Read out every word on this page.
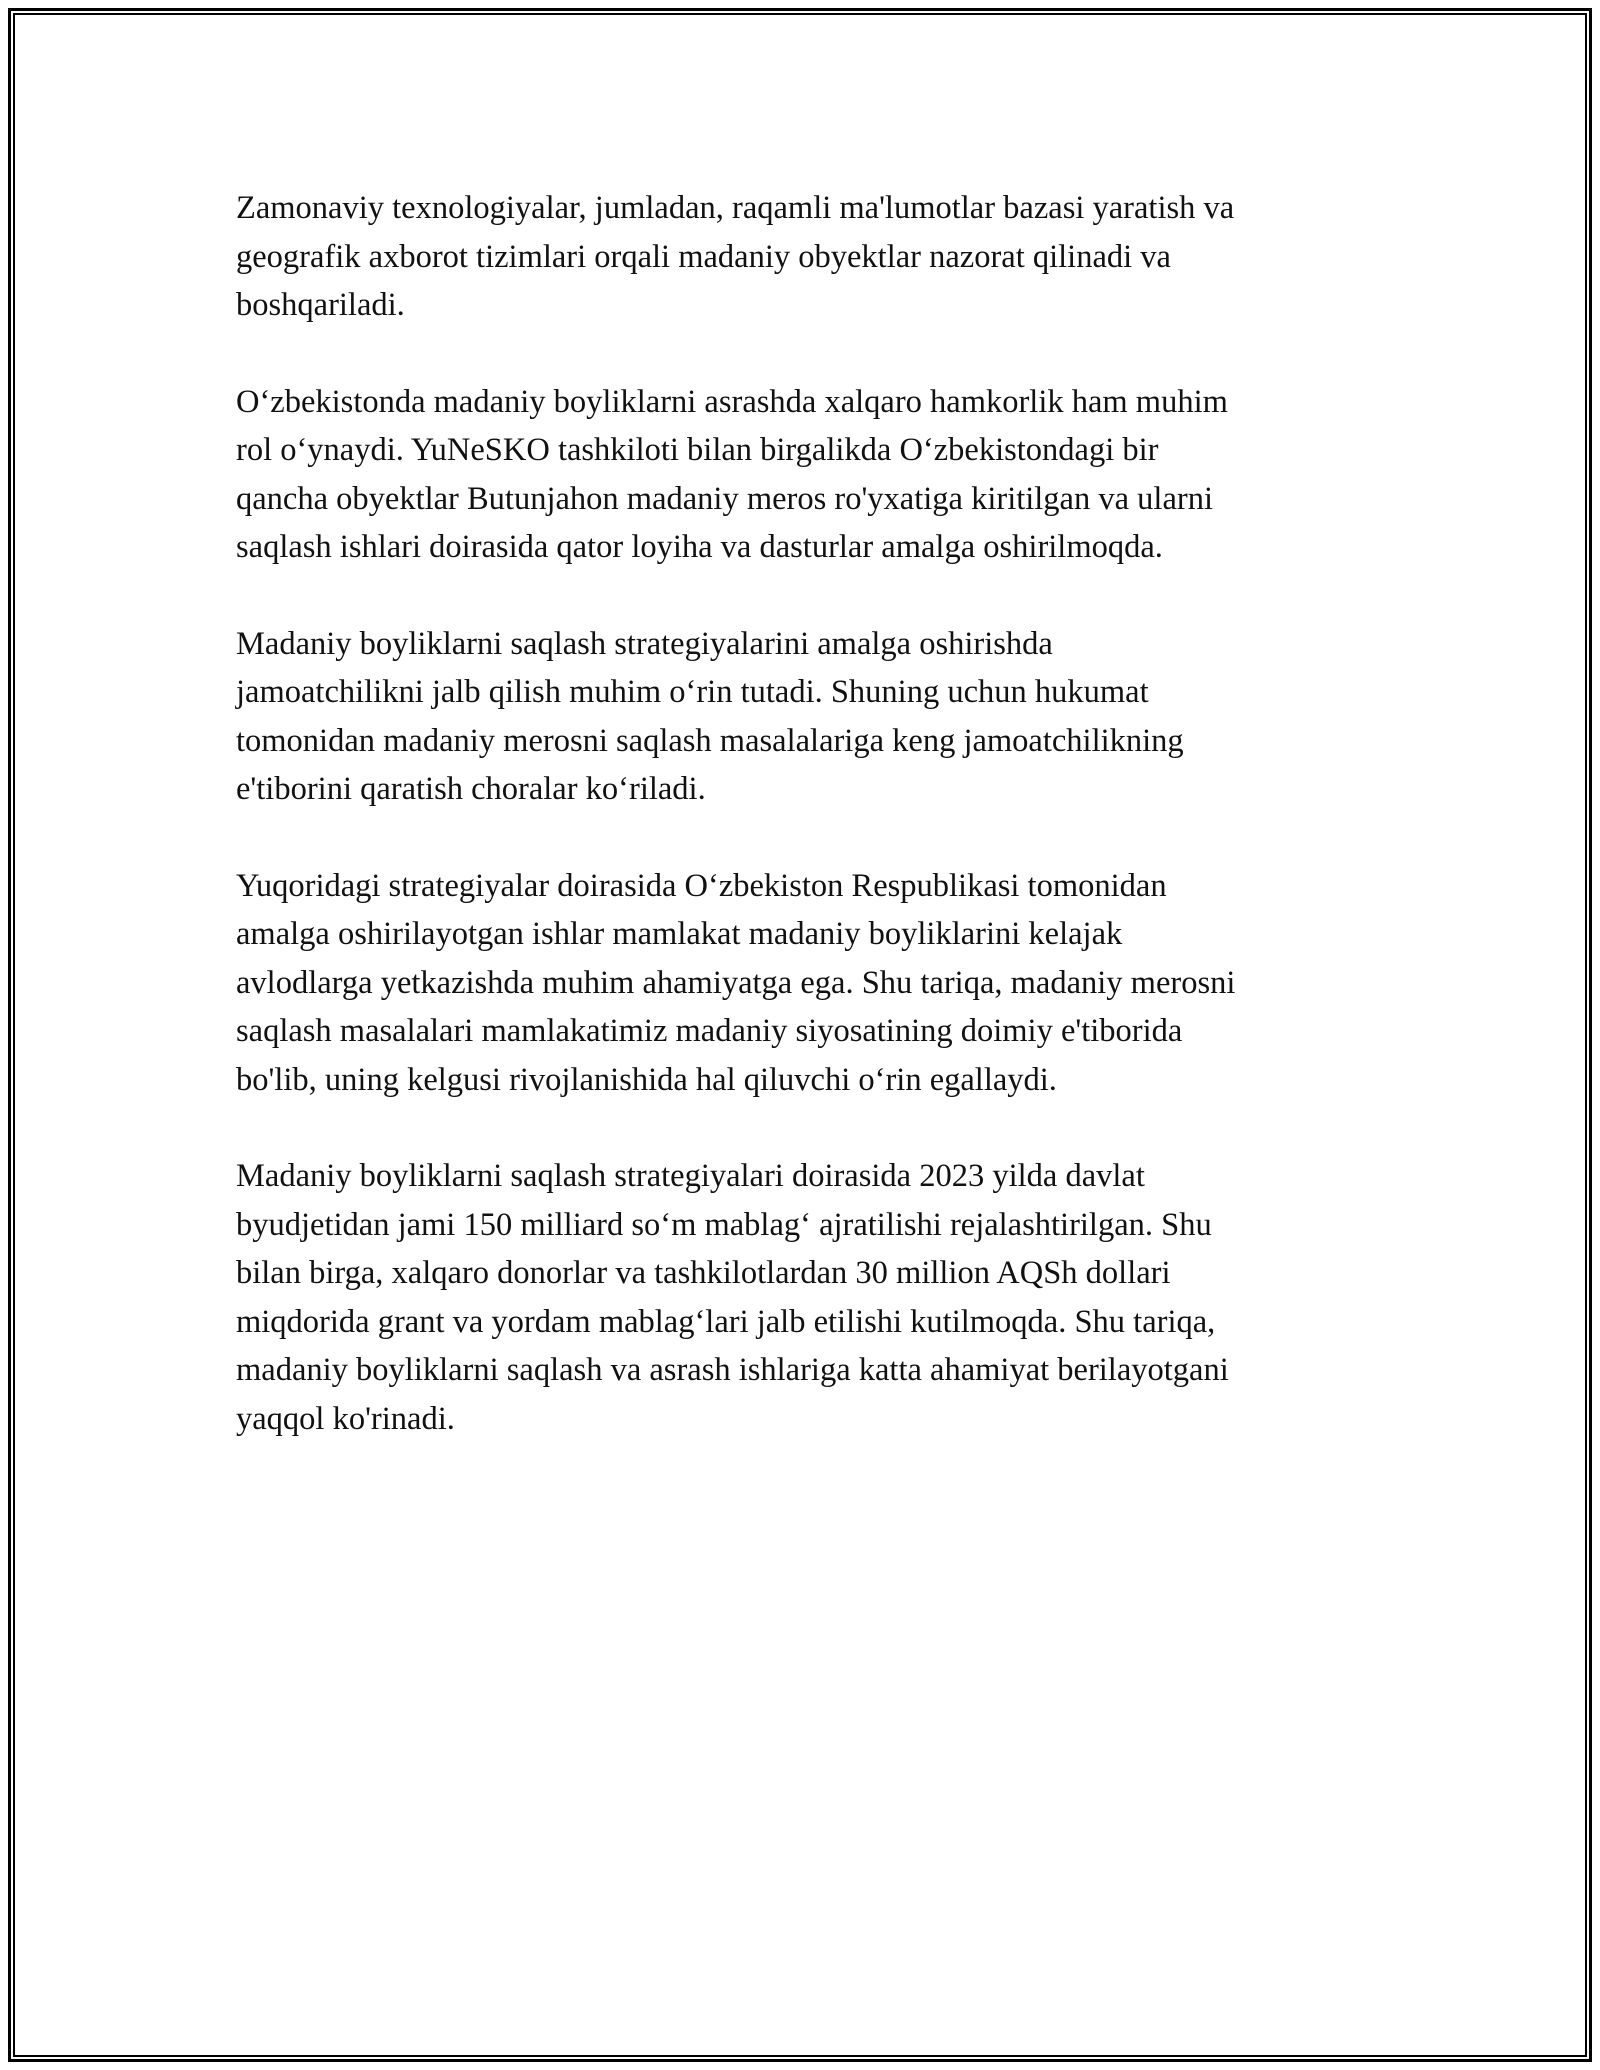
Zamonaviy texnologiyalar, jumladan, raqamli ma'lumotlar bazasi yaratish va
geografik axborot tizimlari orqali madaniy obyektlar nazorat qilinadi va
boshqariladi.

Oʻzbekistonda madaniy boyliklarni asrashda xalqaro hamkorlik ham muhim
rol oʻynaydi. YuNeSKO tashkiloti bilan birgalikda Oʻzbekistondagi bir
qancha obyektlar Butunjahon madaniy meros ro'yxatiga kiritilgan va ularni
saqlash ishlari doirasida qator loyiha va dasturlar amalga oshirilmoqda.

Madaniy boyliklarni saqlash strategiyalarini amalga oshirishda
jamoatchilikni jalb qilish muhim oʻrin tutadi. Shuning uchun hukumat
tomonidan madaniy merosni saqlash masalalariga keng jamoatchilikning
e'tiborini qaratish choralar koʻriladi.

Yuqoridagi strategiyalar doirasida Oʻzbekiston Respublikasi tomonidan
amalga oshirilayotgan ishlar mamlakat madaniy boyliklarini kelajak
avlodlarga yetkazishda muhim ahamiyatga ega. Shu tariqa, madaniy merosni
saqlash masalalari mamlakatimiz madaniy siyosatining doimiy e'tiborida
bo'lib, uning kelgusi rivojlanishida hal qiluvchi oʻrin egallaydi.

Madaniy boyliklarni saqlash strategiyalari doirasida 2023 yilda davlat
byudjetidan jami 150 milliard soʻm mablagʻ ajratilishi rejalashtirilgan. Shu
bilan birga, xalqaro donorlar va tashkilotlardan 30 million AQSh dollari
miqdorida grant va yordam mablagʻlari jalb etilishi kutilmoqda. Shu tariqa,
madaniy boyliklarni saqlash va asrash ishlariga katta ahamiyat berilayotgani
yaqqol ko'rinadi.
